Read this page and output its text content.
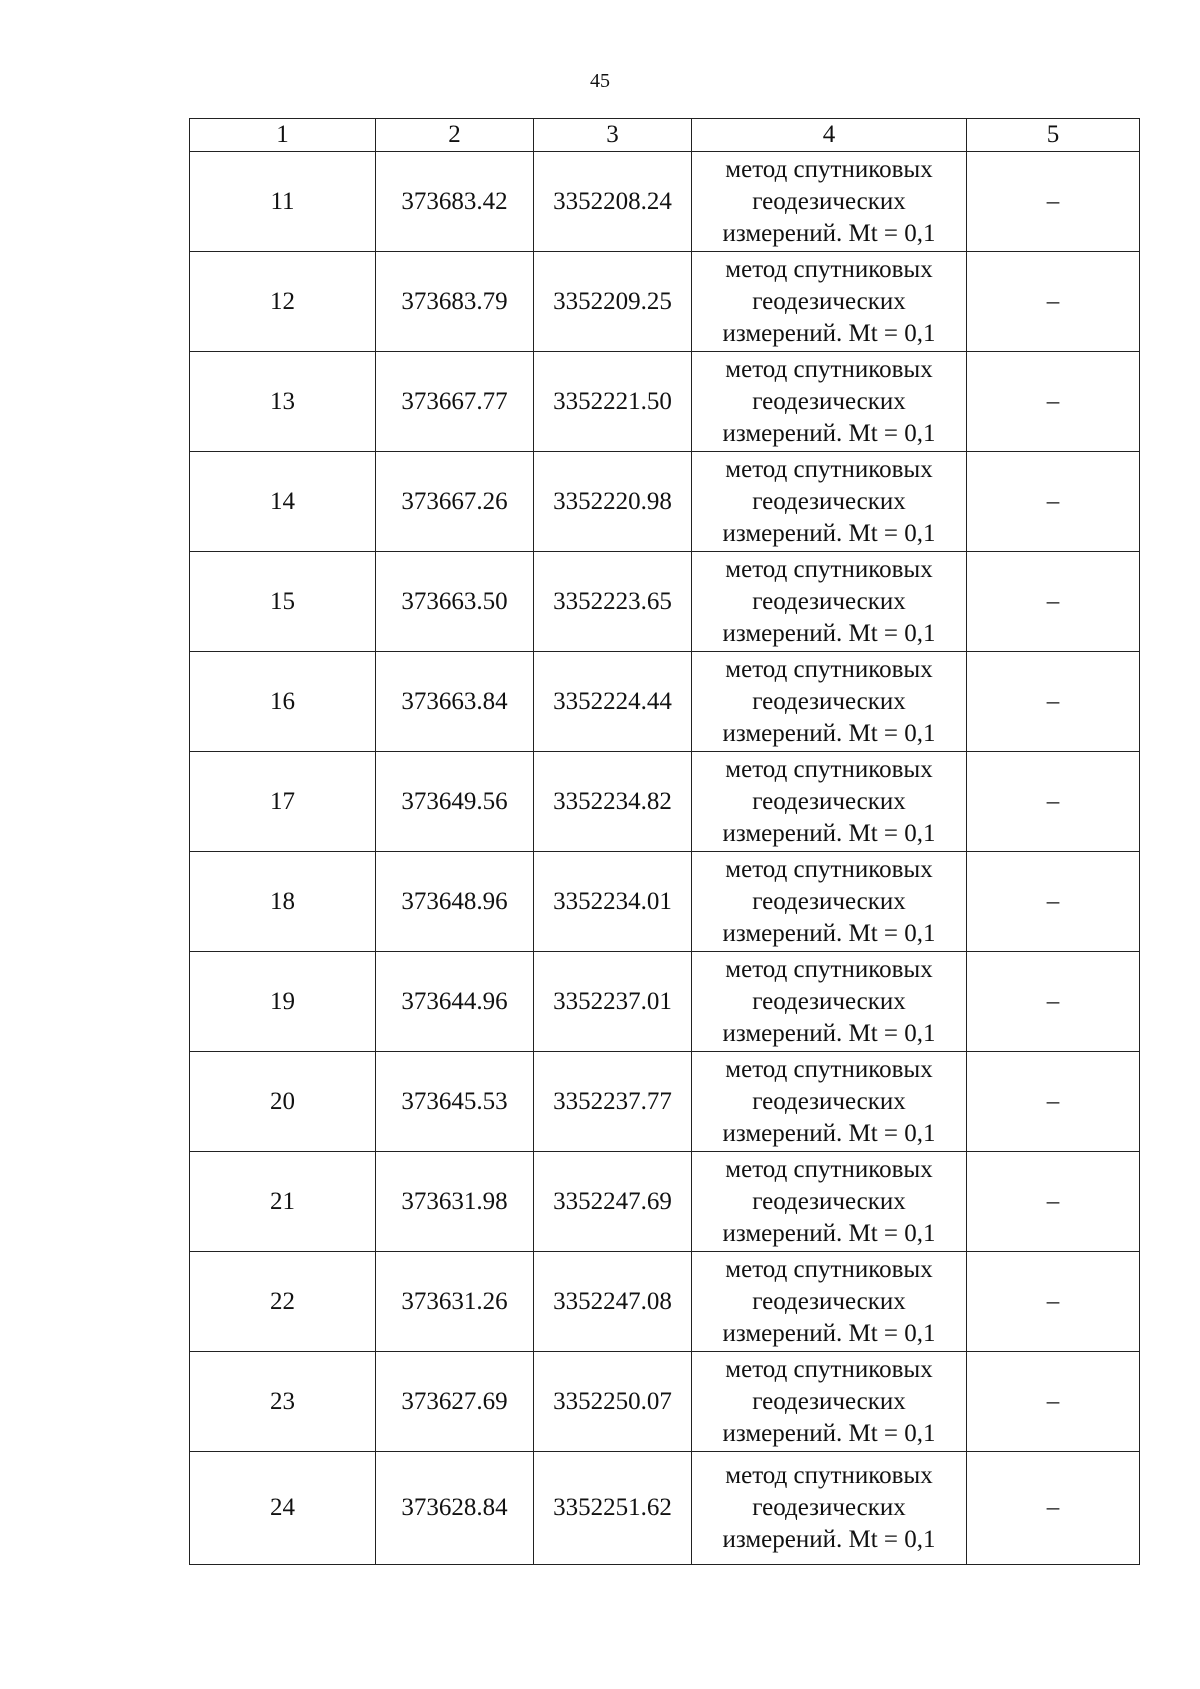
45
1	2	3	4	5
11	373683.42	3352208.24	метод спутниковых геодезических измерений. Mt = 0,1	–
12	373683.79	3352209.25	метод спутниковых геодезических измерений. Mt = 0,1	–
13	373667.77	3352221.50	метод спутниковых геодезических измерений. Mt = 0,1	–
14	373667.26	3352220.98	метод спутниковых геодезических измерений. Mt = 0,1	–
15	373663.50	3352223.65	метод спутниковых геодезических измерений. Mt = 0,1	–
16	373663.84	3352224.44	метод спутниковых геодезических измерений. Mt = 0,1	–
17	373649.56	3352234.82	метод спутниковых геодезических измерений. Mt = 0,1	–
18	373648.96	3352234.01	метод спутниковых геодезических измерений. Mt = 0,1	–
19	373644.96	3352237.01	метод спутниковых геодезических измерений. Mt = 0,1	–
20	373645.53	3352237.77	метод спутниковых геодезических измерений. Mt = 0,1	–
21	373631.98	3352247.69	метод спутниковых геодезических измерений. Mt = 0,1	–
22	373631.26	3352247.08	метод спутниковых геодезических измерений. Mt = 0,1	–
23	373627.69	3352250.07	метод спутниковых геодезических измерений. Mt = 0,1	–
24	373628.84	3352251.62	метод спутниковых геодезических измерений. Mt = 0,1	–
